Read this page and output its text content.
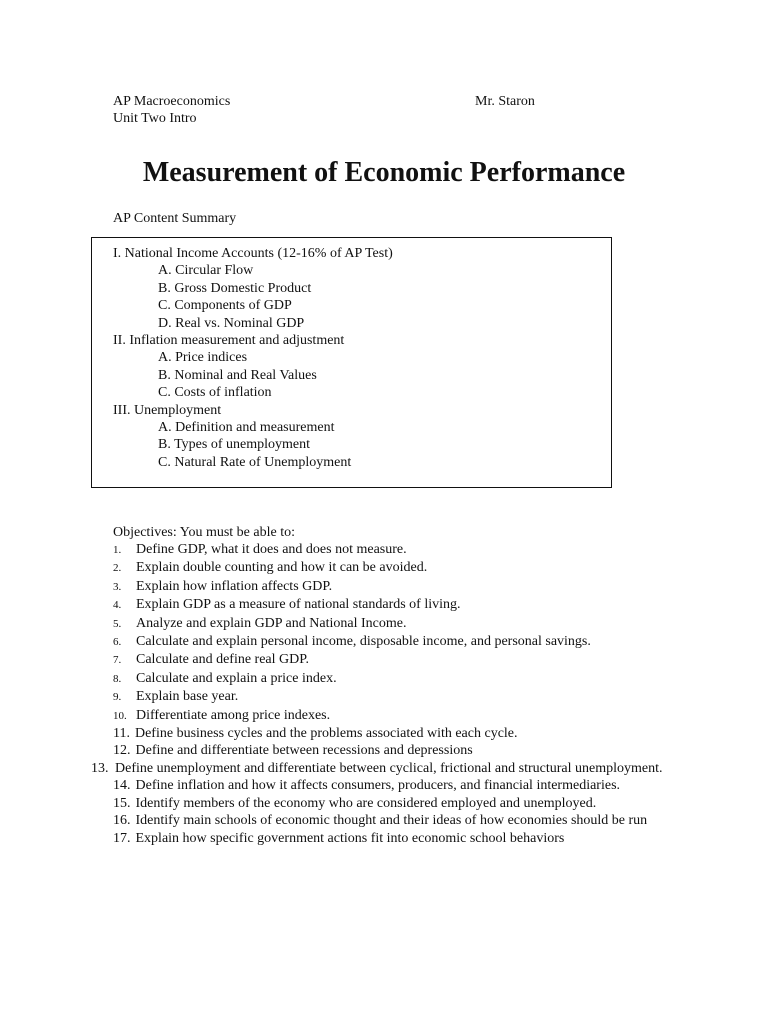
AP Macroeconomics
Unit Two Intro
Mr. Staron
Measurement of Economic Performance
AP Content Summary
I. National Income Accounts (12-16% of AP Test)
A. Circular Flow
B. Gross Domestic Product
C. Components of GDP
D. Real vs. Nominal GDP
II. Inflation measurement and adjustment
A. Price indices
B. Nominal and Real Values
C. Costs of inflation
III. Unemployment
A. Definition and measurement
B. Types of unemployment
C. Natural Rate of Unemployment
Objectives: You must be able to:
1. Define GDP, what it does and does not measure.
2. Explain double counting and how it can be avoided.
3. Explain how inflation affects GDP.
4. Explain GDP as a measure of national standards of living.
5. Analyze and explain GDP and National Income.
6. Calculate and explain personal income, disposable income, and personal savings.
7. Calculate and define real GDP.
8. Calculate and explain a price index.
9. Explain base year.
10. Differentiate among price indexes.
11. Define business cycles and the problems associated with each cycle.
12. Define and differentiate between recessions and depressions
13. Define unemployment and differentiate between cyclical, frictional and structural unemployment.
14. Define inflation and how it affects consumers, producers, and financial intermediaries.
15. Identify members of the economy who are considered employed and unemployed.
16. Identify main schools of economic thought and their ideas of how economies should be run
17. Explain how specific government actions fit into economic school behaviors
